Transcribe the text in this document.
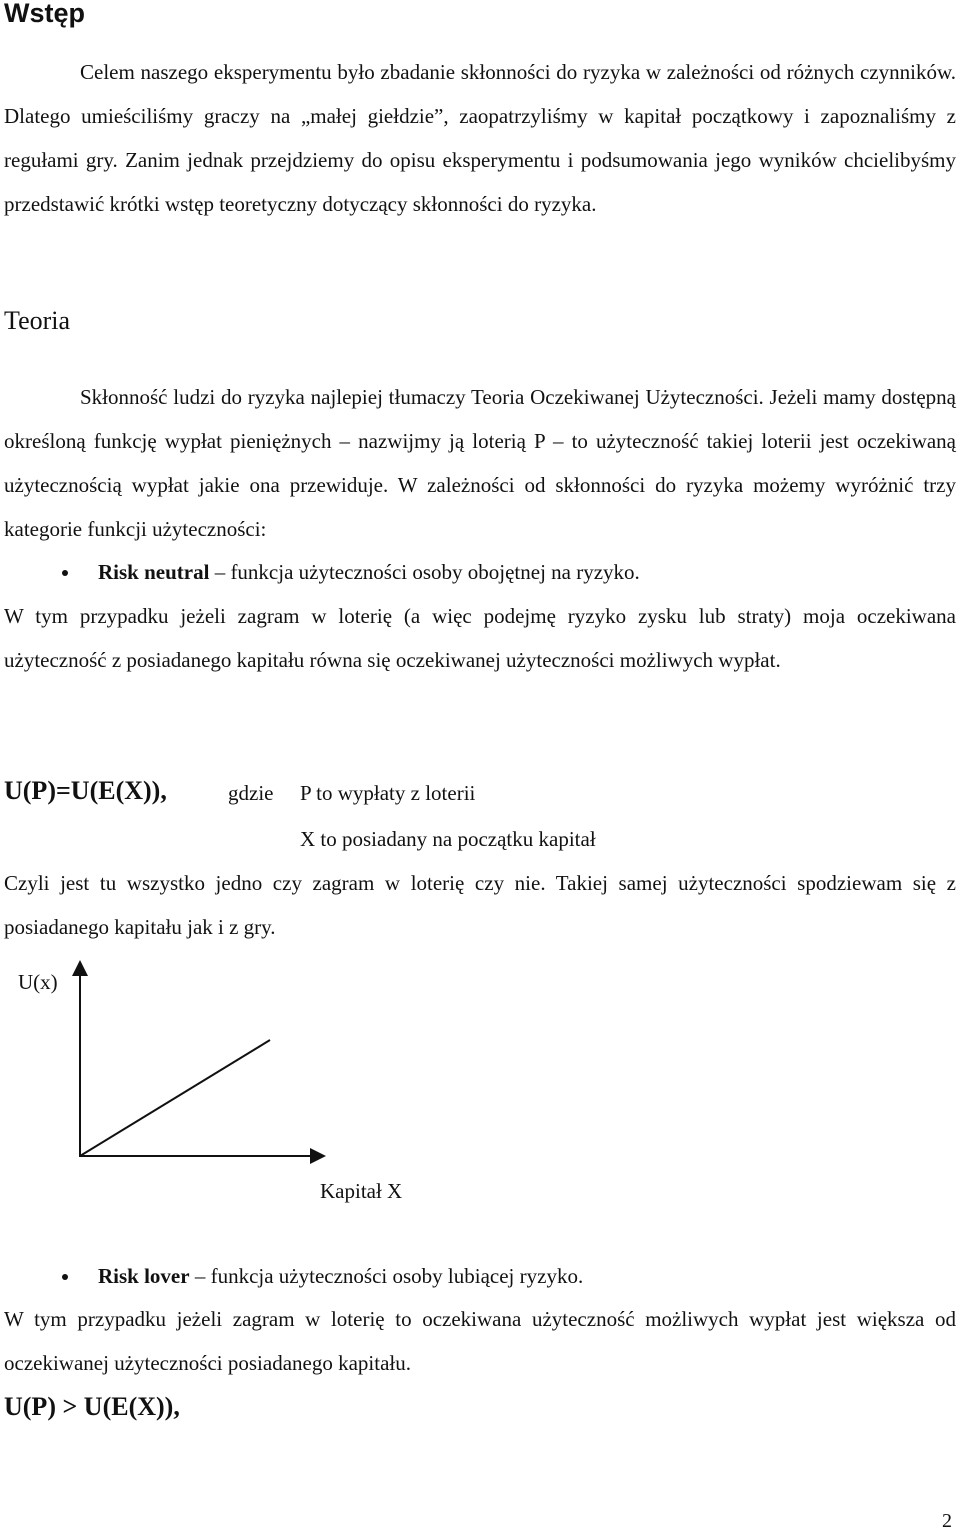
Wstęp

Celem naszego eksperymentu było zbadanie skłonności do ryzyka w zależności od różnych czynników. Dlatego umieściliśmy graczy na „małej giełdzie”, zaopatrzyliśmy w kapitał początkowy i zapoznaliśmy z regułami gry. Zanim jednak przejdziemy do opisu eksperymentu i podsumowania jego wyników chcielibyśmy przedstawić krótki wstęp teoretyczny dotyczący skłonności do ryzyka.

Teoria

Skłonność ludzi do ryzyka najlepiej tłumaczy Teoria Oczekiwanej Użyteczności. Jeżeli mamy dostępną określoną funkcję wypłat pieniężnych – nazwijmy ją loterią P – to użyteczność takiej loterii jest oczekiwaną użytecznością wypłat jakie ona przewiduje. W zależności od skłonności do ryzyka możemy wyróżnić trzy kategorie funkcji użyteczności:

Risk neutral – funkcja użyteczności osoby obojętnej na ryzyko.

W tym przypadku jeżeli zagram w loterię (a więc podejmę ryzyko zysku lub straty) moja oczekiwana użyteczność z posiadanego kapitału równa się oczekiwanej użyteczności możliwych wypłat.

U(P)=U(E(X)),	gdzie P to wypłaty z loterii
X to posiadany na początku kapitał

Czyli jest tu wszystko jedno czy zagram w loterię czy nie. Takiej samej użyteczności spodziewam się z posiadanego kapitału jak i z gry.

U(x)
Kapitał X
Risk lover – funkcja użyteczności osoby lubiącej ryzyko.

W tym przypadku jeżeli zagram w loterię to oczekiwana użyteczność możliwych wypłat jest większa od oczekiwanej użyteczności posiadanego kapitału.

U(P) > U(E(X)),
2
